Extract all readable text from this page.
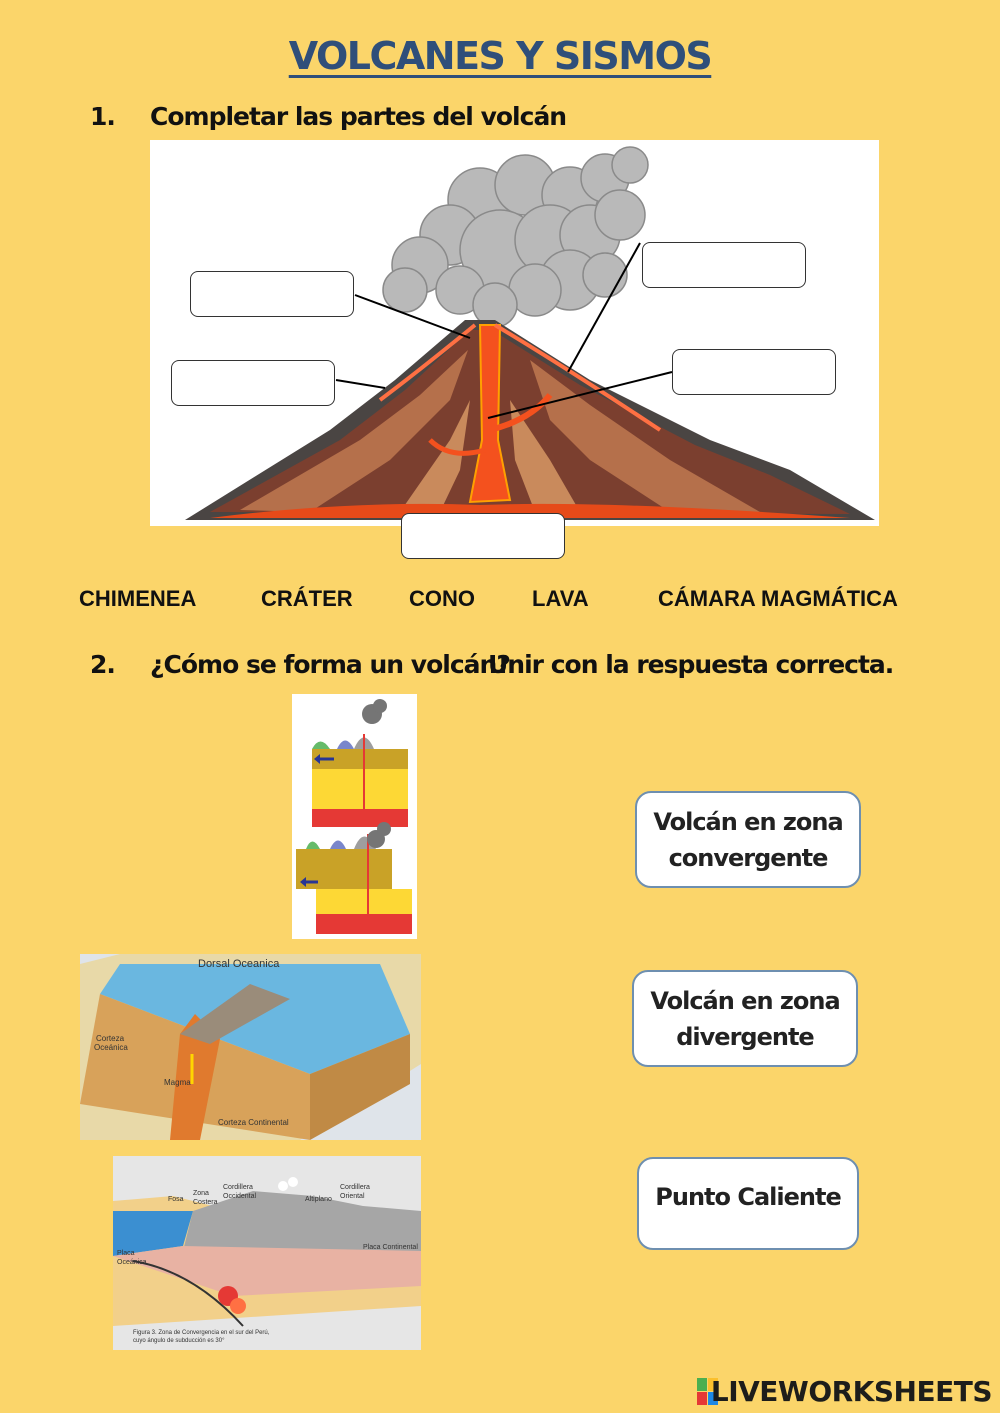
VOLCANES Y SISMOS
1. Completar las partes del volcán
CHIMENEA	CRÁTER	CONO	LAVA	CÁMARA MAGMÁTICA
2. ¿Cómo se forma un volcán?
Unir con la respuesta correcta.
Dorsal Oceanica
Corteza
Oceánica
Magma
Corteza Continental
Fosa
Zona
Costera
Cordillera
Occidental	Altiplano
Cordillera
Oriental
Placa
Oceánica
Placa Continental
Figura 3. Zona de Convergencia en el sur del Perú,
cuyo ángulo de subducción es 30°
Volcán en zona
convergente
Volcán en zona
divergente
Punto Caliente
LIVEWORKSHEETS
